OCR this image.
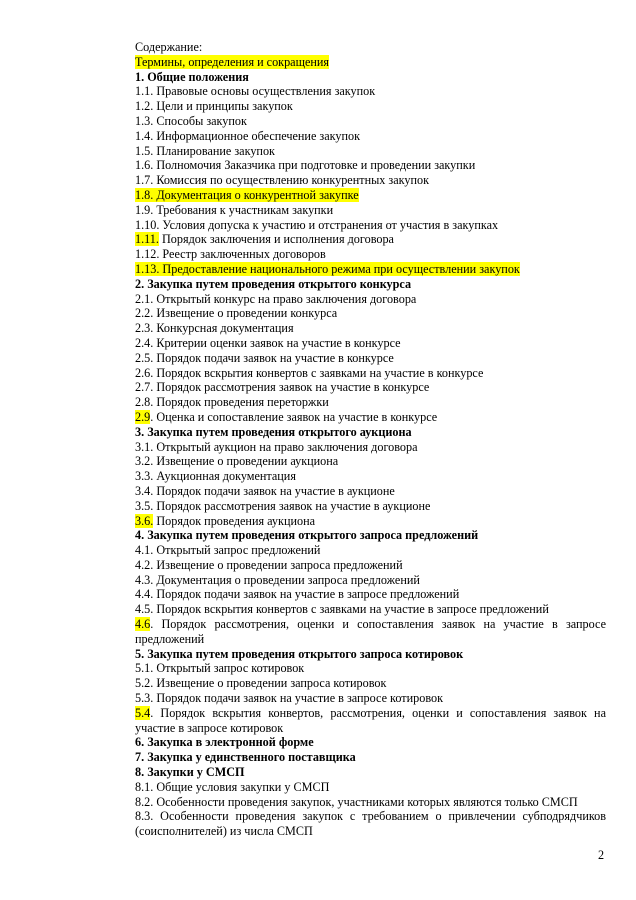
Содержание:
Термины, определения и сокращения
1. Общие положения
1.1. Правовые основы осуществления закупок
1.2. Цели и принципы закупок
1.3. Способы закупок
1.4. Информационное обеспечение закупок
1.5. Планирование закупок
1.6. Полномочия Заказчика при подготовке и проведении закупки
1.7. Комиссия по осуществлению конкурентных закупок
1.8. Документация о конкурентной закупке
1.9. Требования к участникам закупки
1.10. Условия допуска к участию и отстранения от участия в закупках
1.11. Порядок заключения и исполнения договора
1.12. Реестр заключенных договоров
1.13. Предоставление национального режима при осуществлении закупок
2. Закупка путем проведения открытого конкурса
2.1. Открытый конкурс на право заключения договора
2.2. Извещение о проведении конкурса
2.3. Конкурсная документация
2.4. Критерии оценки заявок на участие в конкурсе
2.5. Порядок подачи заявок на участие в конкурсе
2.6. Порядок вскрытия конвертов с заявками на участие в конкурсе
2.7. Порядок рассмотрения заявок на участие в конкурсе
2.8. Порядок проведения переторжки
2.9. Оценка и сопоставление заявок на участие в конкурсе
3. Закупка путем проведения открытого аукциона
3.1. Открытый аукцион на право заключения договора
3.2. Извещение о проведении аукциона
3.3. Аукционная документация
3.4. Порядок подачи заявок на участие в аукционе
3.5. Порядок рассмотрения заявок на участие в аукционе
3.6. Порядок проведения аукциона
4. Закупка путем проведения открытого запроса предложений
4.1. Открытый запрос предложений
4.2. Извещение о проведении запроса предложений
4.3. Документация о проведении запроса предложений
4.4. Порядок подачи заявок на участие в запросе предложений
4.5. Порядок вскрытия конвертов с заявками на участие в запросе предложений
4.6. Порядок рассмотрения, оценки и сопоставления заявок на участие в запросе предложений
5. Закупка путем проведения открытого запроса котировок
5.1. Открытый запрос котировок
5.2. Извещение о проведении запроса котировок
5.3. Порядок подачи заявок на участие в запросе котировок
5.4. Порядок вскрытия конвертов, рассмотрения, оценки и сопоставления заявок на участие в запросе котировок
6. Закупка в электронной форме
7. Закупка у единственного поставщика
8. Закупки у СМСП
8.1. Общие условия закупки у СМСП
8.2. Особенности проведения закупок, участниками которых являются только СМСП
8.3. Особенности проведения закупок с требованием о привлечении субподрядчиков (соисполнителей) из числа СМСП
2
